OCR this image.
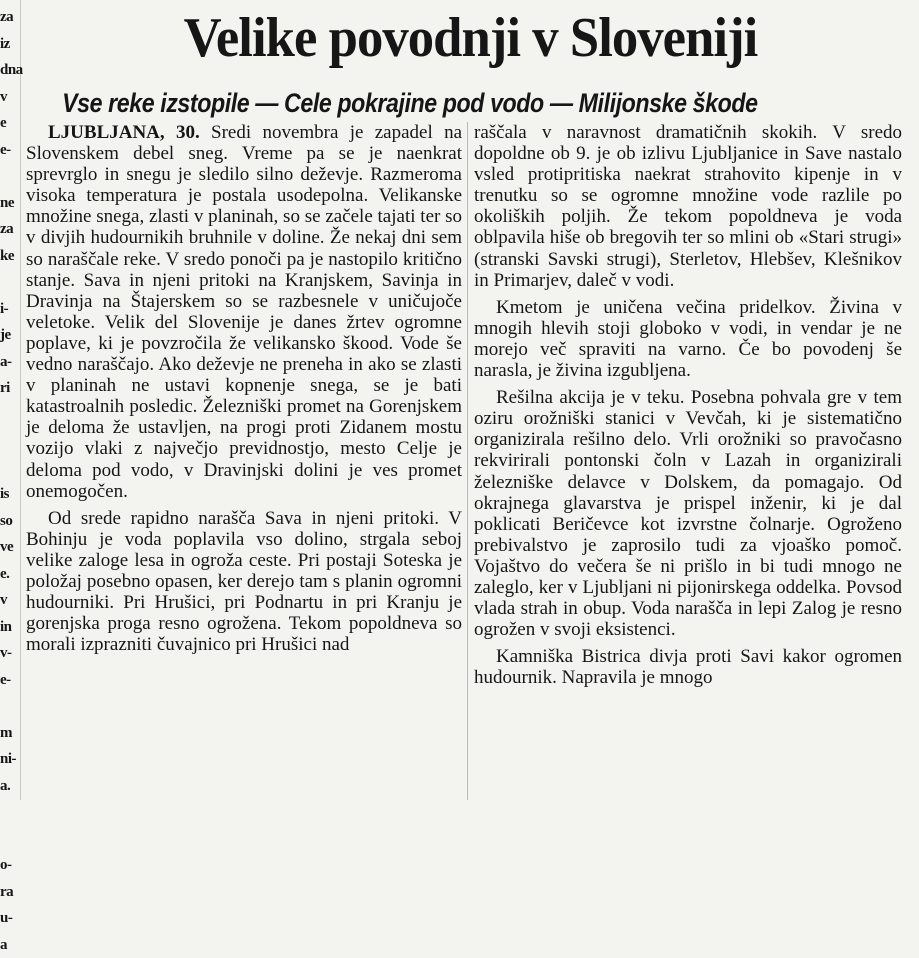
za
iz
dna
v
e
e-

ne
za
ke

i-
je
a-
ri

is
so
ve
e.
v
in
v-
e-

m
ni-
a.

o-
ra
u-
a
Velike povodnji v Sloveniji
Vse reke izstopile — Cele pokrajine pod vodo — Milijonske škode

LJUBLJANA, 30. Sredi novembra je zapadel na Slovenskem debel sneg. Vreme pa se je naenkrat sprevrglo in snegu je sledilo silno deževje. Razmeroma visoka temperatura je postala usodepolna. Velikanske množine snega, zlasti v planinah, so se začele tajati ter so v divjih hudournikih bruhnile v doline. Že nekaj dni sem so naraščale reke. V sredo ponoči pa je nastopilo kritično stanje. Sava in njeni pritoki na Kranjskem, Savinja in Dravinja na Štajerskem so se razbesnele v uničujoče veletoke. Velik del Slovenije je danes žrtev ogromne poplave, ki je povzročila že velikansko škood. Vode še vedno naraščajo. Ako deževje ne preneha in ako se zlasti v planinah ne ustavi kopnenje snega, se je bati katastroalnih posledic. Železniški promet na Gorenjskem je deloma že ustavljen, na progi proti Zidanem mostu vozijo vlaki z največjo previdnostjo, mesto Celje je deloma pod vodo, v Dravinjski dolini je ves promet onemogočen.

Od srede rapidno narašča Sava in njeni pritoki. V Bohinju je voda poplavila vso dolino, strgala seboj velike zaloge lesa in ogroža ceste. Pri postaji Soteska je položaj posebno opasen, ker derejo tam s planin ogromni hudourniki. Pri Hrušici, pri Podnartu in pri Kranju je gorenjska proga resno ogrožena. Tekom popoldneva so morali izprazniti čuvajnico pri Hrušici nad

raščala v naravnost dramatičnih skokih. V sredo dopoldne ob 9. je ob izlivu Ljubljanice in Save nastalo vsled protipritiska naekrat strahovito kipenje in v trenutku so se ogromne množine vode razlile po okoliških poljih. Že tekom popoldneva je voda oblpavila hiše ob bregovih ter so mlini ob «Stari strugi» (stranski Savski strugi), Sterletov, Hlebšev, Klešnikov in Primarjev, daleč v vodi.

Kmetom je uničena večina pridelkov. Živina v mnogih hlevih stoji globoko v vodi, in vendar je ne morejo več spraviti na varno. Če bo povodenj še narasla, je živina izgubljena.

Rešilna akcija je v teku. Posebna pohvala gre v tem oziru orožniški stanici v Vevčah, ki je sistematično organizirala rešilno delo. Vrli orožniki so pravočasno rekvirirali pontonski čoln v Lazah in organizirali železniške delavce v Dolskem, da pomagajo. Od okrajnega glavarstva je prispel inženir, ki je dal poklicati Beričevce kot izvrstne čolnarje. Ogroženo prebivalstvo je zaprosilo tudi za vjoaško pomoč. Vojaštvo do večera še ni prišlo in bi tudi mnogo ne zaleglo, ker v Ljubljani ni pijonirskega oddelka. Povsod vlada strah in obup. Voda narašča in lepi Zalog je resno ogrožen v svoji eksistenci.

Kamniška Bistrica divja proti Savi kakor ogromen hudournik. Napravila je mnogo
